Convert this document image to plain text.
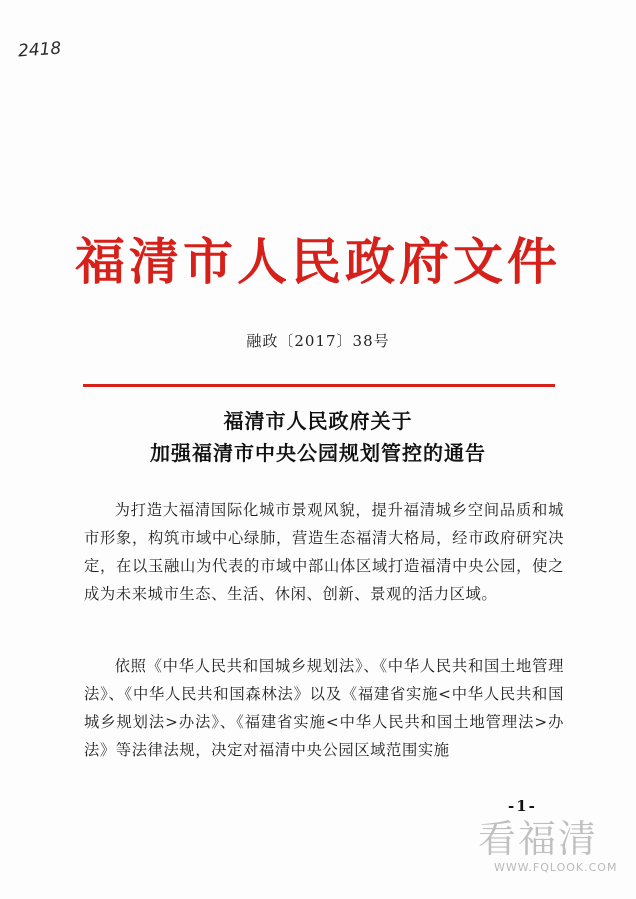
2418
福清市人民政府文件
融政〔2017〕38号
福清市人民政府关于
加强福清市中央公园规划管控的通告

为打造大福清国际化城市景观风貌，提升福清城乡空间品质和城市形象，构筑市域中心绿肺，营造生态福清大格局，经市政府研究决定，在以玉融山为代表的市域中部山体区域打造福清中央公园，使之成为未来城市生态、生活、休闲、创新、景观的活力区域。

依照《中华人民共和国城乡规划法》、《中华人民共和国土地管理法》、《中华人民共和国森林法》以及《福建省实施<中华人民共和国城乡规划法>办法》、《福建省实施<中华人民共和国土地管理法>办法》等法律法规，决定对福清中央公园区域范围实施

-1-
看福清
WWW.FQLOOK.COM
